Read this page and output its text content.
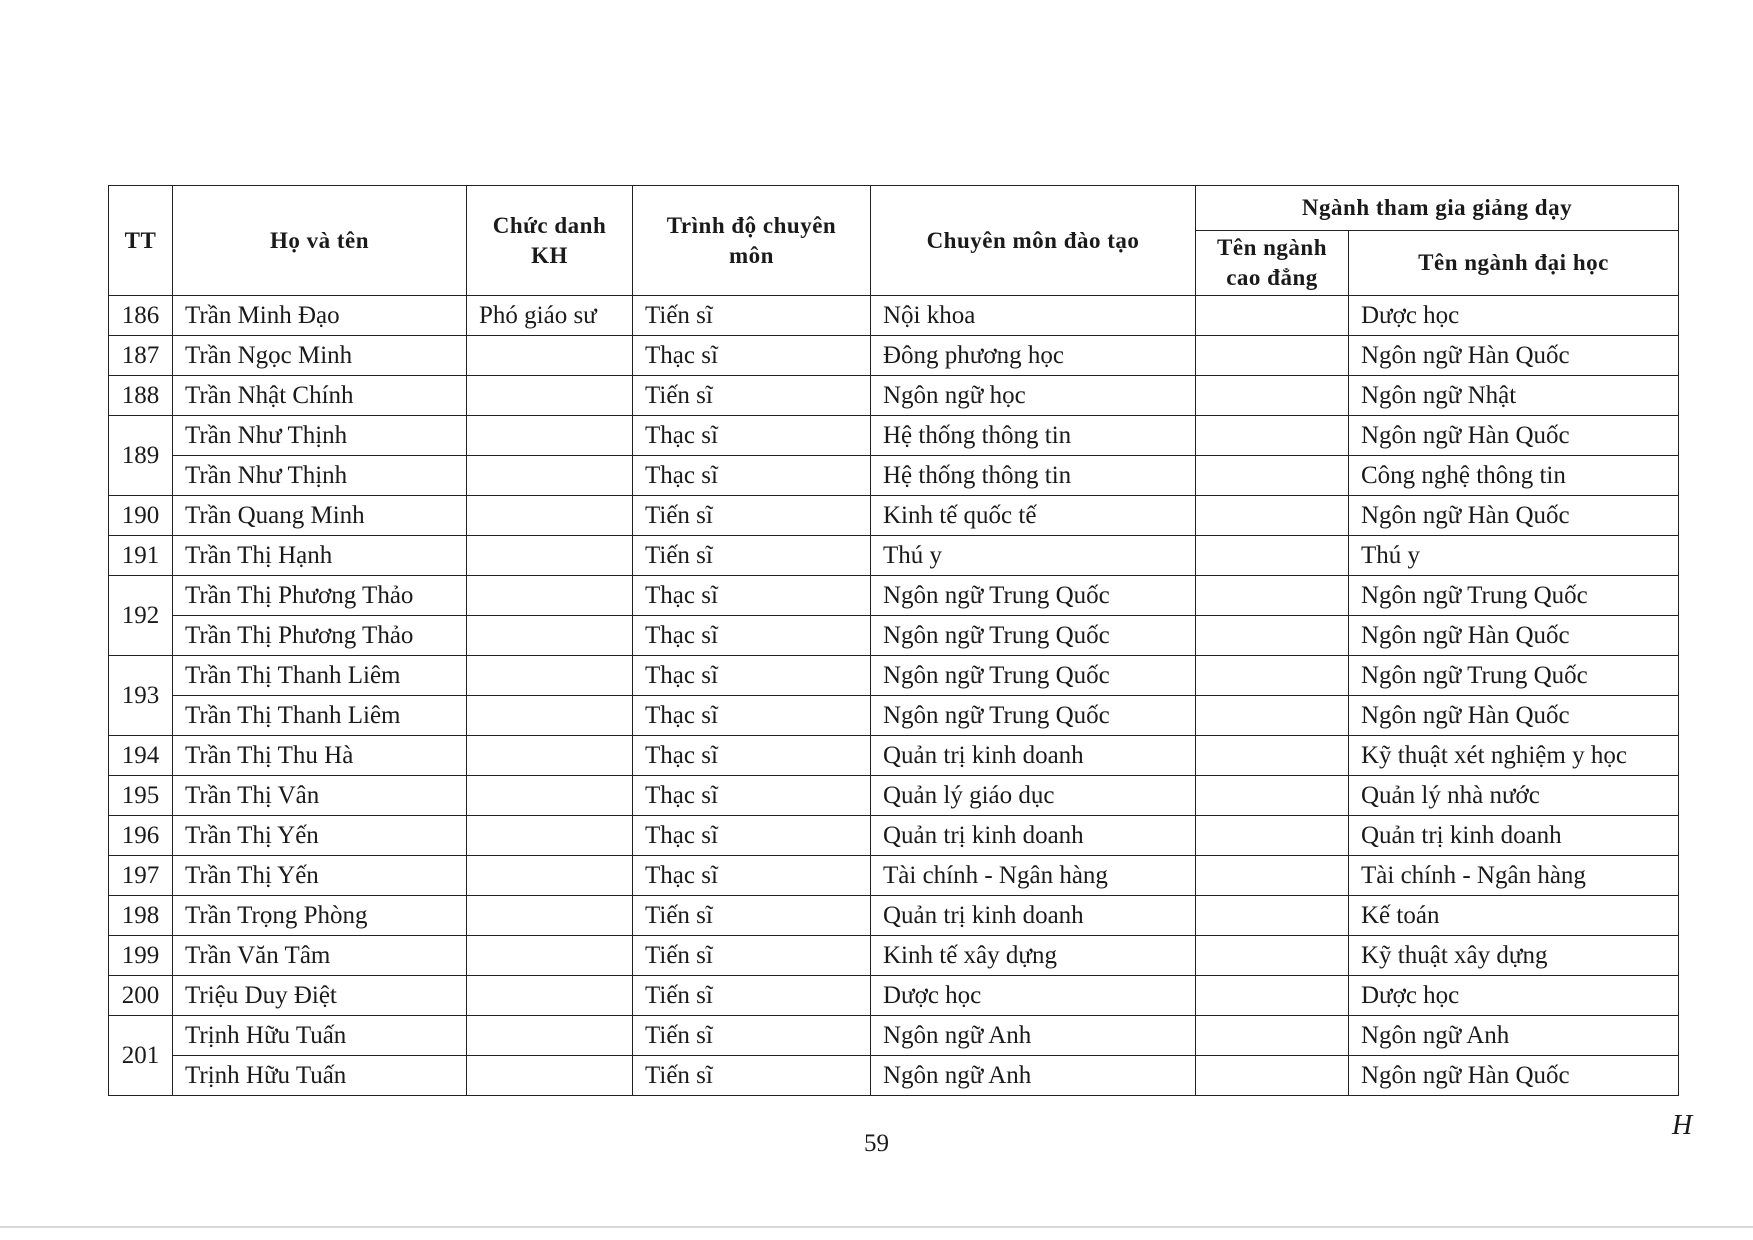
TT	Họ và tên	Chức danh KH	Trình độ chuyên môn	Chuyên môn đào tạo	Ngành tham gia giảng dạy	
					Tên ngành cao đẳng	Tên ngành đại học
186	Trần Minh Đạo	Phó giáo sư	Tiến sĩ	Nội khoa		Dược học
187	Trần Ngọc Minh		Thạc sĩ	Đông phương học		Ngôn ngữ Hàn Quốc
188	Trần Nhật Chính		Tiến sĩ	Ngôn ngữ học		Ngôn ngữ Nhật
189	Trần Như Thịnh		Thạc sĩ	Hệ thống thông tin		Ngôn ngữ Hàn Quốc
	Trần Như Thịnh		Thạc sĩ	Hệ thống thông tin		Công nghệ thông tin
190	Trần Quang Minh		Tiến sĩ	Kinh tế quốc tế		Ngôn ngữ Hàn Quốc
191	Trần Thị Hạnh		Tiến sĩ	Thú y		Thú y
192	Trần Thị Phương Thảo		Thạc sĩ	Ngôn ngữ Trung Quốc		Ngôn ngữ Trung Quốc
	Trần Thị Phương Thảo		Thạc sĩ	Ngôn ngữ Trung Quốc		Ngôn ngữ Hàn Quốc
193	Trần Thị Thanh Liêm		Thạc sĩ	Ngôn ngữ Trung Quốc		Ngôn ngữ Trung Quốc
	Trần Thị Thanh Liêm		Thạc sĩ	Ngôn ngữ Trung Quốc		Ngôn ngữ Hàn Quốc
194	Trần Thị Thu Hà		Thạc sĩ	Quản trị kinh doanh		Kỹ thuật xét nghiệm y học
195	Trần Thị Vân		Thạc sĩ	Quản lý giáo dục		Quản lý nhà nước
196	Trần Thị Yến		Thạc sĩ	Quản trị kinh doanh		Quản trị kinh doanh
197	Trần Thị Yến		Thạc sĩ	Tài chính - Ngân hàng		Tài chính - Ngân hàng
198	Trần Trọng Phòng		Tiến sĩ	Quản trị kinh doanh		Kế toán
199	Trần Văn Tâm		Tiến sĩ	Kinh tế xây dựng		Kỹ thuật xây dựng
200	Triệu Duy Điệt		Tiến sĩ	Dược học		Dược học
201	Trịnh Hữu Tuấn		Tiến sĩ	Ngôn ngữ Anh		Ngôn ngữ Anh
	Trịnh Hữu Tuấn		Tiến sĩ	Ngôn ngữ Anh		Ngôn ngữ Hàn Quốc
59
H
